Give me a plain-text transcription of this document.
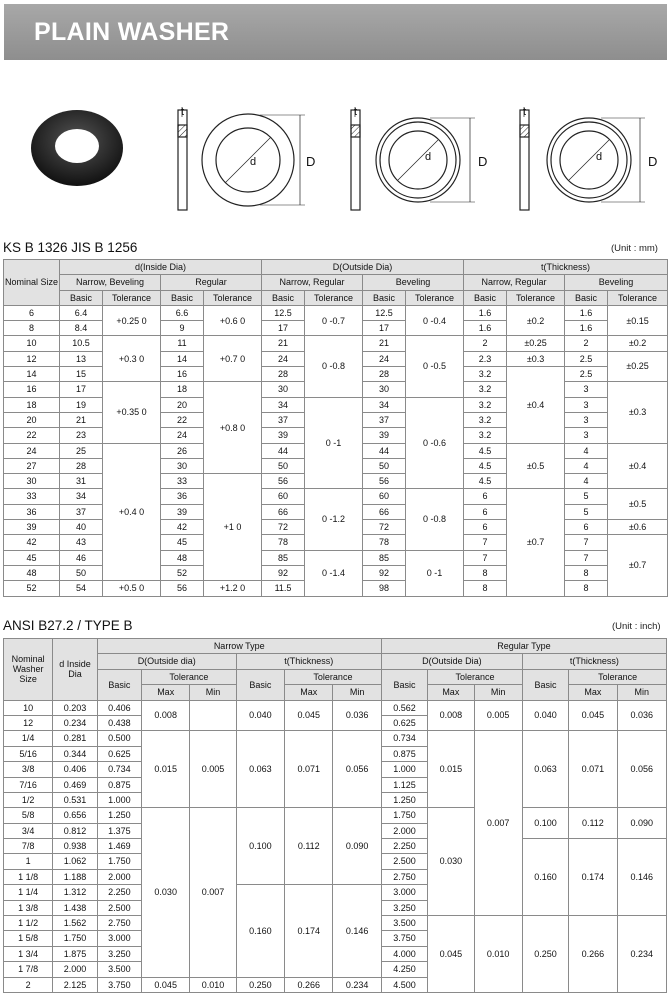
PLAIN WASHER
t
d	D
t
d	D
t
d	D
KS B 1326 JIS B 1256	(Unit : mm)
Nominal Size	d(Inside Dia)				D(Outside Dia)				t(Thickness)			
	Narrow, Beveling		Regular		Narrow, Regular		Beveling		Narrow, Regular		Beveling	
	Basic	Tolerance	Basic	Tolerance	Basic	Tolerance	Basic	Tolerance	Basic	Tolerance	Basic	Tolerance
6	6.4	+0.25 0	6.6	+0.6 0	12.5	0 -0.7	12.5	0 -0.4	1.6	±0.2	1.6	±0.15
8	8.4		9		17		17		1.6		1.6	
10	10.5	+0.3 0	11	+0.7 0	21	0 -0.8	21	0 -0.5	2	±0.25	2	±0.2
12	13		14		24		24		2.3	±0.3	2.5	±0.25
14	15		16		28		28		3.2	±0.4	2.5	
16	17	+0.35 0	18	+0.8 0	30		30		3.2		3	±0.3
18	19		20		34	0 -1	34	0 -0.6	3.2		3	
20	21		22		37		37		3.2		3	
22	23		24		39		39		3.2		3	
24	25	+0.4 0	26		44		44		4.5	±0.5	4	±0.4
27	28		30		50		50		4.5		4	
30	31		33	+1 0	56		56		4.5		4	
33	34		36		60	0 -1.2	60	0 -0.8	6	±0.7	5	±0.5
36	37		39		66		66		6		5	
39	40		42		72		72		6		6	±0.6
42	43		45		78		78		7		7	±0.7
45	46		48		85	0 -1.4	85	0 -1	7		7	
48	50		52		92		92		8		8	
52	54	+0.5 0	56	+1.2 0	11.5		98		8		8	
ANSI B27.2 / TYPE B	(Unit : inch)
Nominal Washer Size	d Inside Dia	Narrow Type						Regular Type					
		D(Outside dia)			t(Thickness)			D(Outside Dia)			t(Thickness)		
		Basic	Tolerance		Basic	Tolerance		Basic	Tolerance		Basic	Tolerance	
			Max	Min		Max	Min		Max	Min		Max	Min
10	0.203	0.406	0.008		0.040	0.045	0.036	0.562	0.008	0.005	0.040	0.045	0.036
12	0.234	0.438						0.625					
1/4	0.281	0.500	0.015	0.005	0.063	0.071	0.056	0.734	0.015	0.007	0.063	0.071	0.056
5/16	0.344	0.625						0.875					
3/8	0.406	0.734						1.000					
7/16	0.469	0.875						1.125					
1/2	0.531	1.000						1.250					
5/8	0.656	1.250	0.030	0.007	0.100	0.112	0.090	1.750	0.030		0.100	0.112	0.090
3/4	0.812	1.375						2.000					
7/8	0.938	1.469						2.250			0.160	0.174	0.146
1	1.062	1.750						2.500					
1 1/8	1.188	2.000						2.750					
1 1/4	1.312	2.250			0.160	0.174	0.146	3.000					
1 3/8	1.438	2.500						3.250					
1 1/2	1.562	2.750						3.500	0.045	0.010	0.250	0.266	0.234
1 5/8	1.750	3.000						3.750					
1 3/4	1.875	3.250						4.000					
1 7/8	2.000	3.500						4.250					
2	2.125	3.750	0.045	0.010	0.250	0.266	0.234	4.500					
